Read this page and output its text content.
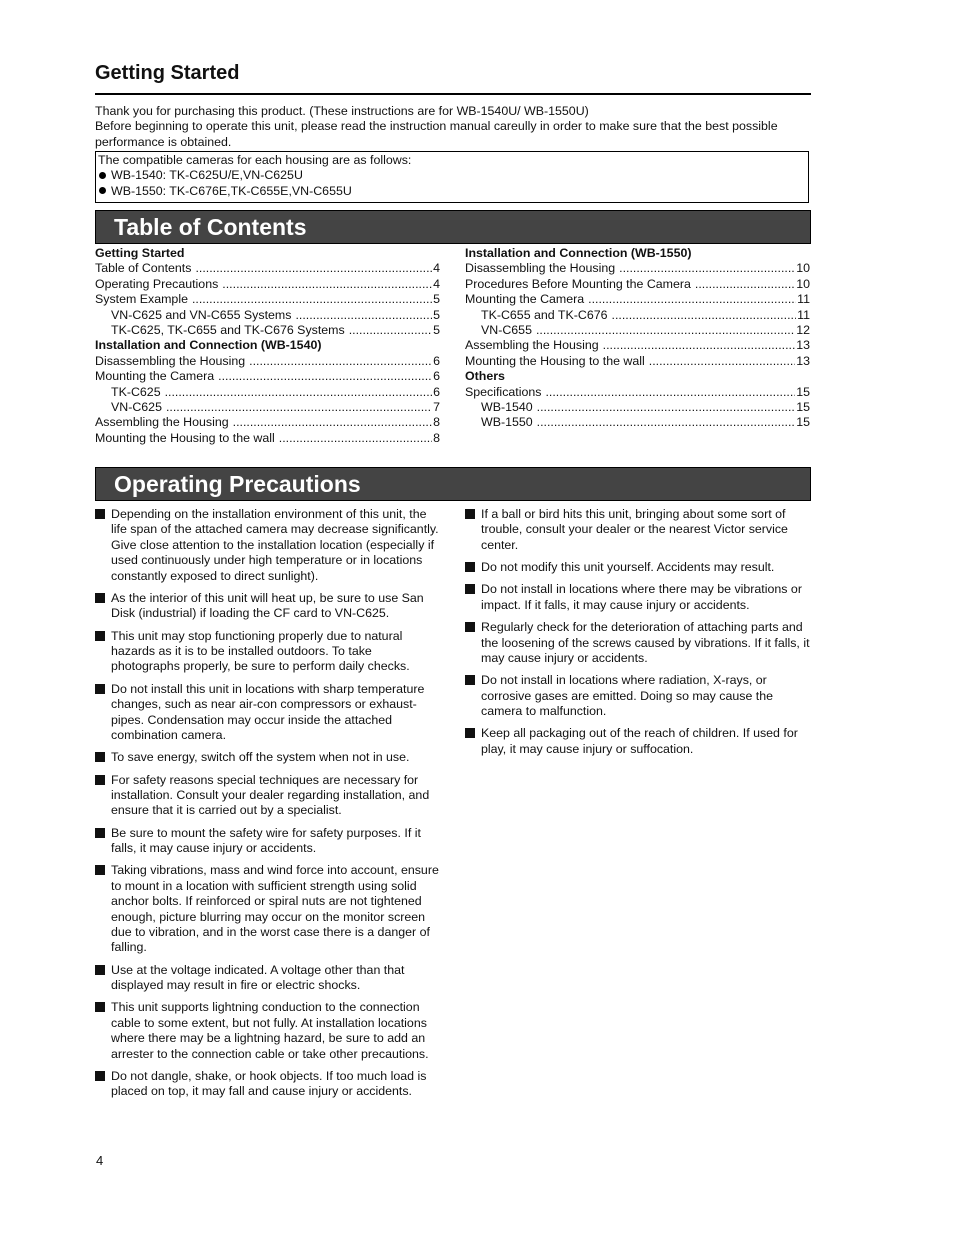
Getting Started

Thank you for purchasing this product. (These instructions are for WB-1540U/ WB-1550U)

Before beginning to operate this unit, please read the instruction manual careully in order to make sure that the best possible performance is obtained.

The compatible cameras for each housing are as follows:
WB-1540: TK-C625U/E,VN-C625U
WB-1550: TK-C676E,TK-C655E,VN-C655U
Table of Contents
Getting Started
Table of Contents .....	4
Operating Precautions .....	4
System Example .....	5
VN-C625 and VN-C655 Systems .....	5
TK-C625, TK-C655 and TK-C676 Systems .....	5
Installation and Connection (WB-1540)
Disassembling the Housing .....	6
Mounting the Camera .....	6
TK-C625 .....	6
VN-C625 .....	7
Assembling the Housing .....	8
Mounting the Housing to the wall .....	8
Installation and Connection (WB-1550)
Disassembling the Housing .....	10
Procedures Before Mounting the Camera .....	10
Mounting the Camera .....	11
TK-C655 and TK-C676 .....	11
VN-C655 .....	12
Assembling the Housing .....	13
Mounting the Housing to the wall .....	13
Others
Specifications .....	15
WB-1540 .....	15
WB-1550 .....	15
Operating Precautions
Depending on the installation environment of this unit, the life span of the attached camera may decrease significantly. Give close attention to the installation location (especially if used continuously under high temperature or in locations constantly exposed to direct sunlight).
As the interior of this unit will heat up, be sure to use San Disk (industrial) if loading the CF card to VN-C625.
This unit may stop functioning properly due to natural hazards as it is to be installed outdoors. To take photographs properly, be sure to perform daily checks.
Do not install this unit in locations with sharp temperature changes, such as near air-con compressors or exhaust-pipes. Condensation may occur inside the attached combination camera.
To save energy, switch off the system when not in use.
For safety reasons special techniques are necessary for installation. Consult your dealer regarding installation, and ensure that it is carried out by a specialist.
Be sure to mount the safety wire for safety purposes. If it falls, it may cause injury or accidents.
Taking vibrations, mass and wind force into account, ensure to mount in a location with sufficient strength using solid anchor bolts. If reinforced or spiral nuts are not tightened enough, picture blurring may occur on the monitor screen due to vibration, and in the worst case there is a danger of falling.
Use at the voltage indicated. A voltage other than that displayed may result in fire or electric shocks.
This unit supports lightning conduction to the connection cable to some extent, but not fully. At installation locations where there may be a lightning hazard, be sure to add an arrester to the connection cable or take other precautions.
Do not dangle, shake, or hook objects. If too much load is placed on top, it may fall and cause injury or accidents.
If a ball or bird hits this unit, bringing about some sort of trouble, consult your dealer or the nearest Victor service center.
Do not modify this unit yourself. Accidents may result.
Do not install in locations where there may be vibrations or impact. If it falls, it may cause injury or accidents.
Regularly check for the deterioration of attaching parts and the loosening of the screws caused by vibrations. If it falls, it may cause injury or accidents.
Do not install in locations where radiation, X-rays, or corrosive gases are emitted. Doing so may cause the camera to malfunction.
Keep all packaging out of the reach of children. If used for play, it may cause injury or suffocation.
4
